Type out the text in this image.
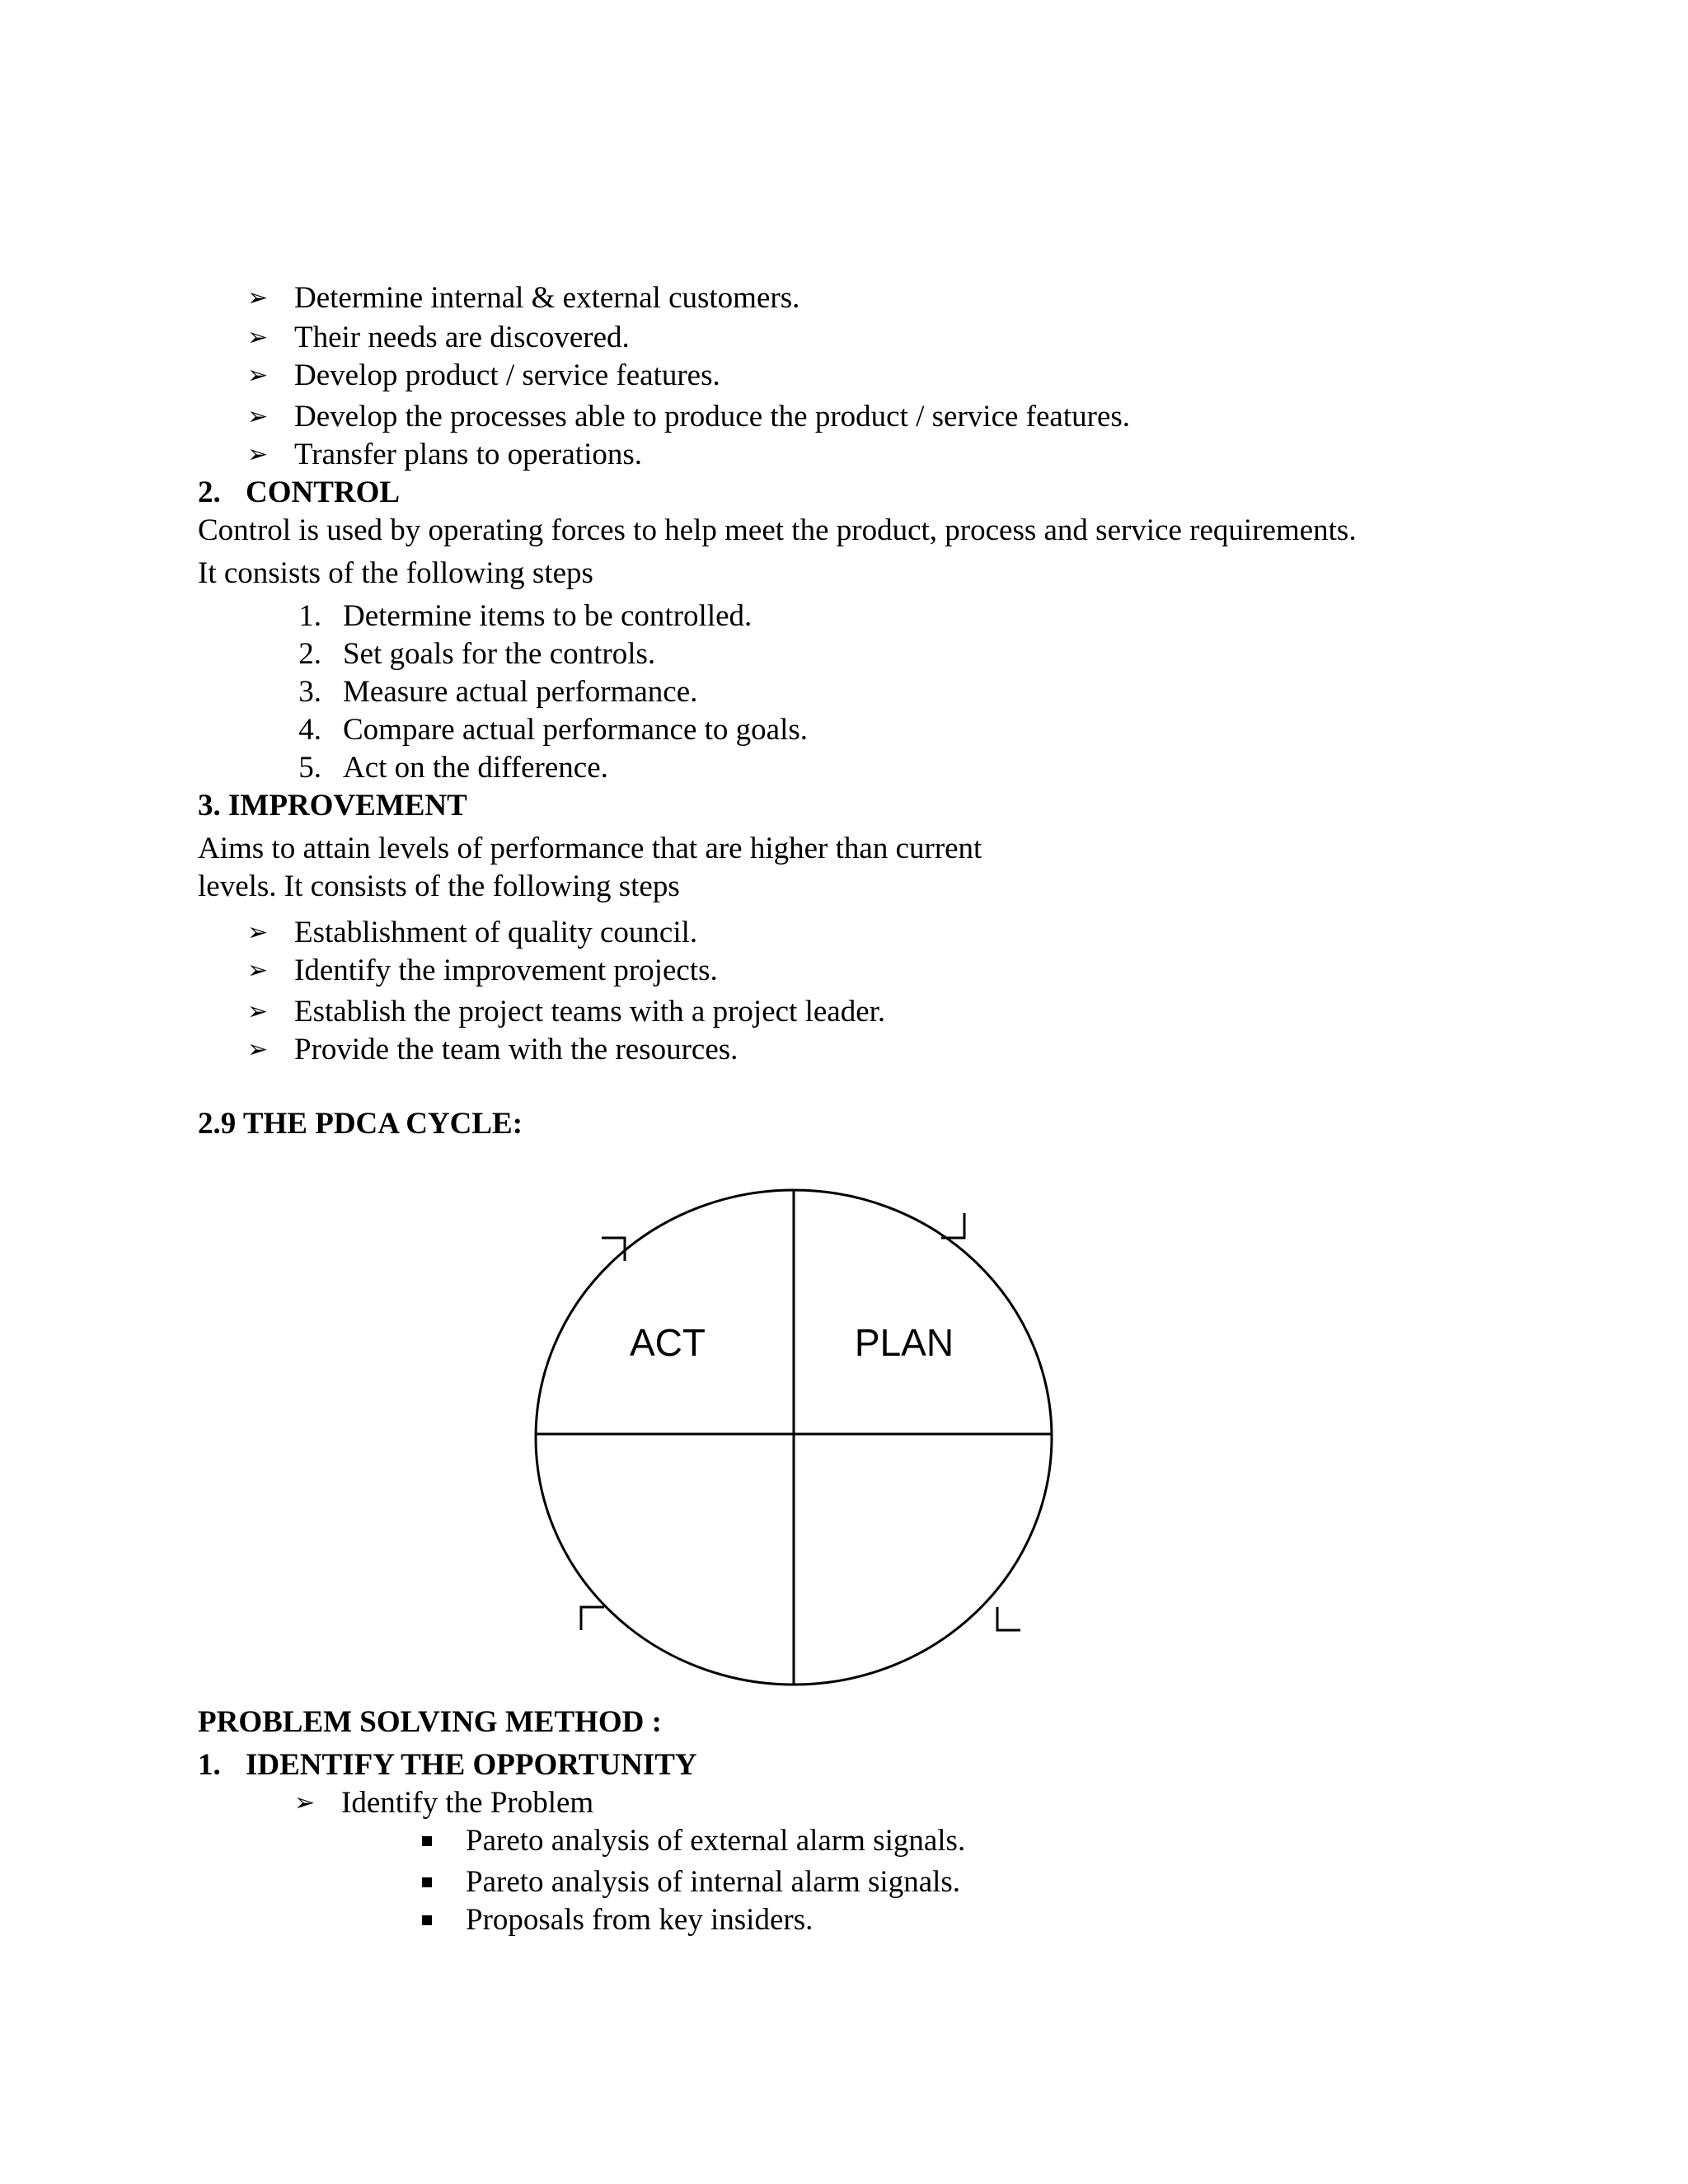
➢ Determine internal & external customers.
➢ Their needs are discovered.
➢ Develop product / service features.
➢ Develop the processes able to produce the product / service features.
➢ Transfer plans to operations.
2. CONTROL
Control is used by operating forces to help meet the product, process and service requirements.
It consists of the following steps
1. Determine items to be controlled.
2. Set goals for the controls.
3. Measure actual performance.
4. Compare actual performance to goals.
5. Act on the difference.
3. IMPROVEMENT
Aims to attain levels of performance that are higher than current
levels. It consists of the following steps
➢ Establishment of quality council.
➢ Identify the improvement projects.
➢ Establish the project teams with a project leader.
➢ Provide the team with the resources.
2.9 THE PDCA CYCLE:
ACT	PLAN
PROBLEM SOLVING METHOD :
1. IDENTIFY THE OPPORTUNITY
➢ Identify the Problem
Pareto analysis of external alarm signals.
Pareto analysis of internal alarm signals.
Proposals from key insiders.
